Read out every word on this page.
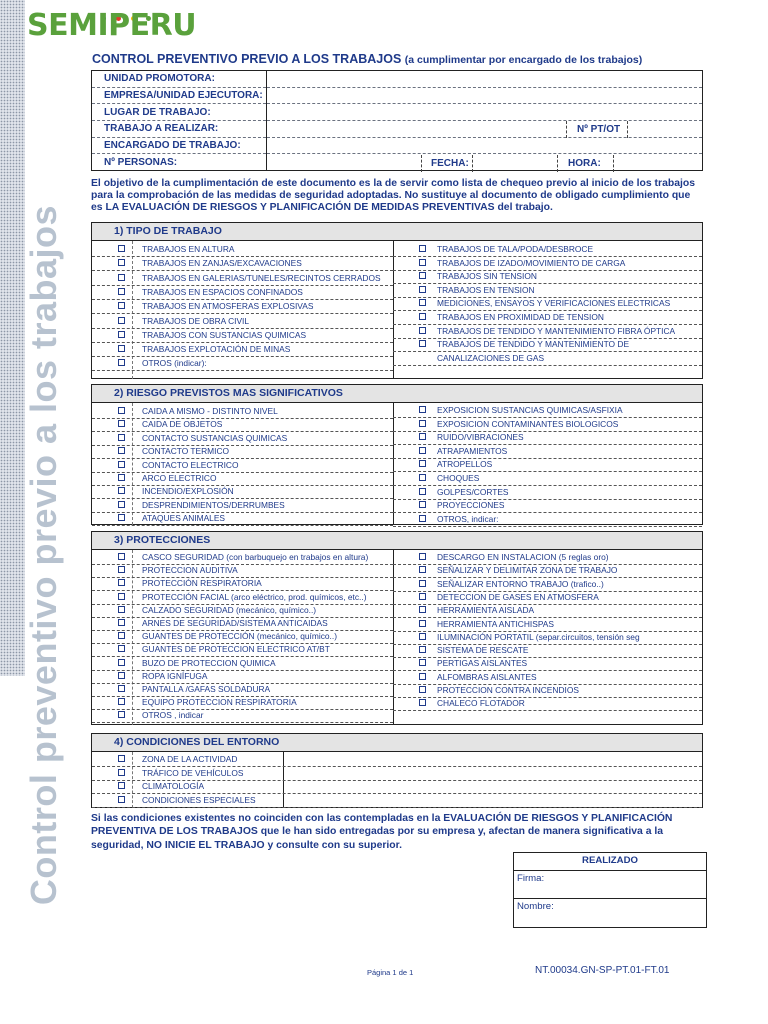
Control preventivo previo a los trabajos
SEMIPERU
CONTROL PREVENTIVO PREVIO A LOS TRABAJOS (a cumplimentar por encargado de los trabajos)
UNIDAD PROMOTORA:	
EMPRESA/UNIDAD EJECUTORA:	
LUGAR DE TRABAJO:	
TRABAJO A REALIZAR:	
ENCARGADO DE TRABAJO:	
Nº PERSONAS:	
Nº PT/OT
FECHA:	HORA:
El objetivo de la cumplimentación de este documento es la de servir como lista de chequeo previo al inicio de los trabajos para la comprobación de las medidas de seguridad adoptadas. No sustituye al documento de obligado cumplimiento que es LA EVALUACIÓN DE RIESGOS Y PLANIFICACIÓN DE MEDIDAS PREVENTIVAS del trabajo.
1) TIPO DE TRABAJO
TRABAJOS EN ALTURA
TRABAJOS EN ZANJAS/EXCAVACIONES
TRABAJOS EN GALERIAS/TUNELES/RECINTOS CERRADOS
TRABAJOS EN ESPACIOS CONFINADOS
TRABAJOS EN ATMOSFERAS EXPLOSIVAS
TRABAJOS DE OBRA CIVIL
TRABAJOS CON SUSTANCIAS QUIMICAS
TRABAJOS EXPLOTACIÓN DE MINAS
OTROS (indicar):
TRABAJOS DE TALA/PODA/DESBROCE
TRABAJOS DE IZADO/MOVIMIENTO DE CARGA
TRABAJOS SIN TENSION
TRABAJOS EN TENSION
MEDICIONES, ENSAYOS Y VERIFICACIONES ELECTRICAS
TRABAJOS EN PROXIMIDAD DE TENSION
TRABAJOS DE TENDIDO Y MANTENIMIENTO FIBRA ÓPTICA
TRABAJOS DE TENDIDO Y MANTENIMIENTO DE
CANALIZACIONES DE GAS
2) RIESGO PREVISTOS MAS SIGNIFICATIVOS
CAIDA A MISMO - DISTINTO NIVEL
CAIDA DE OBJETOS
CONTACTO SUSTANCIAS QUIMICAS
CONTACTO TERMICO
CONTACTO ELECTRICO
ARCO ELECTRICO
INCENDIO/EXPLOSIÓN
DESPRENDIMIENTOS/DERRUMBES
ATAQUES ANIMALES
EXPOSICION SUSTANCIAS QUIMICAS/ASFIXIA
EXPOSICION CONTAMINANTES BIOLOGICOS
RUIDO/VIBRACIONES
ATRAPAMIENTOS
ATROPELLOS
CHOQUES
GOLPES/CORTES
PROYECCIONES
OTROS, indicar:
3) PROTECCIONES
CASCO SEGURIDAD (con barbuquejo en trabajos en altura)
PROTECCION AUDITIVA
PROTECCIÓN RESPIRATORIA
PROTECCIÓN FACIAL (arco eléctrico, prod. químicos, etc..)
CALZADO SEGURIDAD (mecánico, químico..)
ARNES DE SEGURIDAD/SISTEMA ANTICAIDAS
GUANTES DE PROTECCIÓN (mecánico, químico..)
GUANTES DE PROTECCION ELECTRICO AT/BT
BUZO DE PROTECCION QUIMICA
ROPA IGNÍFUGA
PANTALLA /GAFAS SOLDADURA
EQUIPO PROTECCION RESPIRATORIA
OTROS , indicar
DESCARGO EN INSTALACION (5 reglas oro)
SEÑALIZAR Y DELIMITAR ZONA DE TRABAJO
SEÑALIZAR ENTORNO TRABAJO (trafico..)
DETECCION DE GASES EN ATMOSFERA
HERRAMIENTA AISLADA
HERRAMIENTA ANTICHISPAS
ILUMINACIÓN PORTATIL (separ.circuitos, tensión seg
SISTEMA DE RESCATE
PERTIGAS AISLANTES
ALFOMBRAS AISLANTES
PROTECCION CONTRA INCENDIOS
CHALECO FLOTADOR
4) CONDICIONES DEL ENTORNO
ZONA DE LA ACTIVIDAD
TRÁFICO DE VEHÍCULOS
CLIMATOLOGÍA
CONDICIONES ESPECIALES
Si las condiciones existentes no coinciden con las contempladas en la EVALUACIÓN DE RIESGOS Y PLANIFICACIÓN PREVENTIVA DE LOS TRABAJOS que le han sido entregadas por su empresa y, afectan de manera significativa a la seguridad, NO INICIE EL TRABAJO y consulte con su superior.
REALIZADO
Firma:
Nombre:
Página 1 de 1	NT.00034.GN-SP-PT.01-FT.01
